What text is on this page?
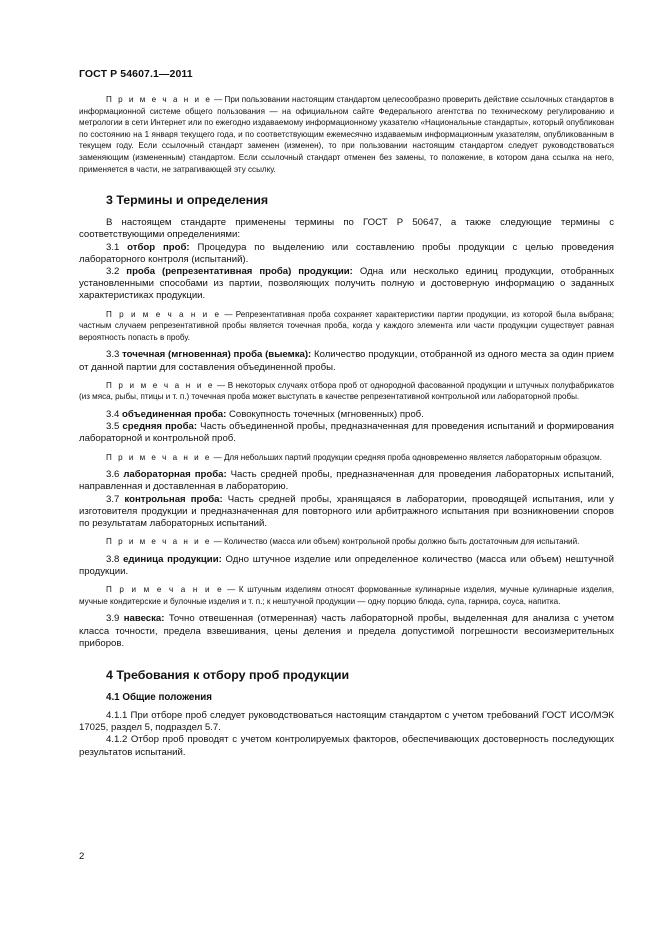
ГОСТ Р 54607.1—2011

П р и м е ч а н и е — При пользовании настоящим стандартом целесообразно проверить действие ссылочных стандартов в информационной системе общего пользования — на официальном сайте Федерального агентства по техническому регулированию и метрологии в сети Интернет или по ежегодно издаваемому информационному указателю «Национальные стандарты», который опубликован по состоянию на 1 января текущего года, и по соответствующим ежемесячно издаваемым информационным указателям, опубликованным в текущем году. Если ссылочный стандарт заменен (изменен), то при пользовании настоящим стандартом следует руководствоваться заменяющим (измененным) стандартом. Если ссылочный стандарт отменен без замены, то положение, в котором дана ссылка на него, применяется в части, не затрагивающей эту ссылку.

3 Термины и определения

В настоящем стандарте применены термины по ГОСТ Р 50647, а также следующие термины с соответствующими определениями:

3.1 отбор проб: Процедура по выделению или составлению пробы продукции с целью проведения лабораторного контроля (испытаний).

3.2 проба (репрезентативная проба) продукции: Одна или несколько единиц продукции, отобранных установленными способами из партии, позволяющих получить полную и достоверную информацию о заданных характеристиках продукции.

П р и м е ч а н и е — Репрезентативная проба сохраняет характеристики партии продукции, из которой была выбрана; частным случаем репрезентативной пробы является точечная проба, когда у каждого элемента или части продукции существует равная вероятность попасть в пробу.

3.3 точечная (мгновенная) проба (выемка): Количество продукции, отобранной из одного места за один прием от данной партии для составления объединенной пробы.

П р и м е ч а н и е — В некоторых случаях отбора проб от однородной фасованной продукции и штучных полуфабрикатов (из мяса, рыбы, птицы и т. п.) точечная проба может выступать в качестве репрезентативной контрольной или лабораторной пробы.

3.4 объединенная проба: Совокупность точечных (мгновенных) проб.

3.5 средняя проба: Часть объединенной пробы, предназначенная для проведения испытаний и формирования лабораторной и контрольной проб.

П р и м е ч а н и е — Для небольших партий продукции средняя проба одновременно является лабораторным образцом.

3.6 лабораторная проба: Часть средней пробы, предназначенная для проведения лабораторных испытаний, направленная и доставленная в лабораторию.

3.7 контрольная проба: Часть средней пробы, хранящаяся в лаборатории, проводящей испытания, или у изготовителя продукции и предназначенная для повторного или арбитражного испытания при возникновении споров по результатам лабораторных испытаний.

П р и м е ч а н и е — Количество (масса или объем) контрольной пробы должно быть достаточным для испытаний.

3.8 единица продукции: Одно штучное изделие или определенное количество (масса или объем) нештучной продукции.

П р и м е ч а н и е — К штучным изделиям относят формованные кулинарные изделия, мучные кулинарные изделия, мучные кондитерские и булочные изделия и т. п.; к нештучной продукции — одну порцию блюда, супа, гарнира, соуса, напитка.

3.9 навеска: Точно отвешенная (отмеренная) часть лабораторной пробы, выделенная для анализа с учетом класса точности, предела взвешивания, цены деления и предела допустимой погрешности весоизмерительных приборов.

4 Требования к отбору проб продукции
4.1 Общие положения

4.1.1 При отборе проб следует руководствоваться настоящим стандартом с учетом требований ГОСТ ИСО/МЭК 17025, раздел 5, подраздел 5.7.

4.1.2 Отбор проб проводят с учетом контролируемых факторов, обеспечивающих достоверность последующих результатов испытаний.

2
